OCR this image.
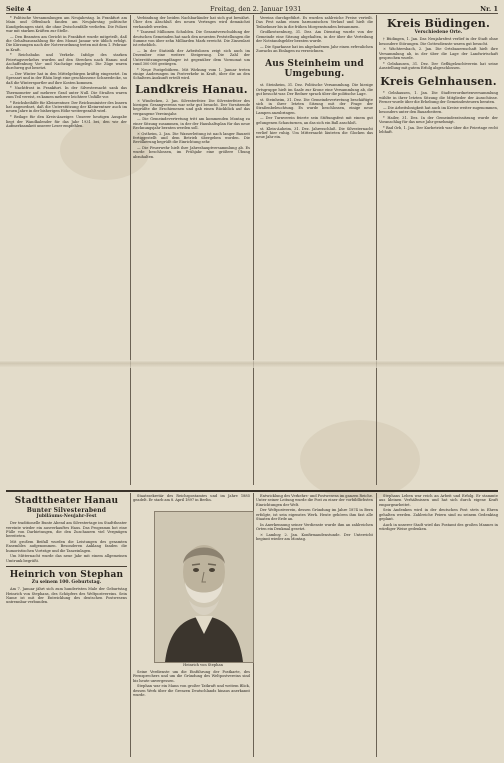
Seite 4	Freitag, den 2. Januar 1931	Nr. 1

* Politische Versammlungen am Neujahrstag. In Frankfurt am Main und Offenbach fanden am Neujahrstag politische Kundgebungen statt, die ohne Zwischenfälle verliefen. Die Polizei war mit starken Kräften zur Stelle.

— Den Beamten am Gericht in Frankfurt wurde mitgeteilt, daß die Gehaltsauszahlung für den Monat Januar wie üblich erfolgt. Die Kürzungen nach der Notverordnung treten mit dem 1. Februar in Kraft.

* Reichsbahn und Verkehr. Infolge des starken Feiertagsverkehrs wurden auf den Strecken nach Hanau und Aschaffenburg Vor- und Nachzüge eingelegt. Die Züge waren durchweg gut besetzt.

— Der Winter hat in den Mittelgebirgen kräftig eingesetzt. Im Spessart und in der Rhön liegt eine geschlossene Schneedecke, so daß die Wintersportler auf ihre Kosten kommen.

* Nachtfrost in Frankfurt. In der Silvesternacht sank das Thermometer auf mehrere Grad unter Null. Die Straßen waren zum Teil vereist, es kamen mehrere leichtere Unfälle vor.

* Reichsbeihilfe für Kleinrentner. Der Reichsminister des Innern hat angeordnet, daß die Unterstützung der Kleinrentner auch im neuen Jahre in der bisherigen Höhe weitergezahlt wird.

* Beilage für den Kreis-Anzeiger. Unserer heutigen Ausgabe liegt der Wandkalender für das Jahr 1931 bei, den wir der Aufmerksamkeit unserer Leser empfehlen.

Verbindung der beiden Nachbarländer hat sich gut bewährt. Über den Abschluß des neuen Vertrages wird demnächst verhandelt werden.

* Tausend Millionen Schulden. Die Gesamtverschuldung der deutschen Gemeinden hat nach den neuesten Feststellungen die Summe von über zehn Milliarden Mark erreicht. Die Zinsenlast ist erheblich.

— In der Statistik der Arbeitslosen zeigt sich auch im Dezember eine weitere Steigerung. Die Zahl der Unterstützungsempfänger ist gegenüber dem Vormonat um rund 300 000 gestiegen.

* Neue Postgebühren. Mit Wirkung vom 1. Januar treten einige Änderungen im Postverkehr in Kraft, über die an den Schaltern Auskunft erteilt wird.

Landkreis Hanau.

× Windecken, 2. Jan. Silvesterfeier. Die Silvesterfeier des hiesigen Gesangvereins war sehr gut besucht. Der Vorsitzende begrüßte die Erschienenen und gab einen Rückblick auf das vergangene Vereinsjahr.

— Die Gemeindevertretung tritt am kommenden Montag zu einer Sitzung zusammen, in der der Haushaltsplan für das neue Rechnungsjahr beraten werden soll.

× Ostheim, 2. Jan. Die Wasserleitung ist nach langer Bauzeit fertiggestellt und dem Betrieb übergeben worden. Die Bevölkerung begrüßt die Einrichtung sehr.

— Die Feuerwehr hielt ihre Jahreshauptversammlung ab. Es wurde beschlossen, im Frühjahr eine größere Übung abzuhalten.

Vereins durchgeführt. Es wurden zahlreiche Preise verteilt. Das Fest nahm einen harmonischen Verlauf und hielt die Teilnehmer bis in die frühen Morgenstunden beisammen.

Großkrotzenburg, 31. Dez. Am Dienstag wurde von der Gemeinde eine Sitzung abgehalten, in der über die Verteilung der Notstandsgelder beraten wurde.

— Die Sparkasse hat im abgelaufenen Jahr einen erfreulichen Zuwachs an Einlagen zu verzeichnen.

Aus Steinheim und Umgebung.

st. Steinheim, 31. Dez. Politische Versammlung. Die hiesige Ortsgruppe hielt im Saale zur Krone eine Versammlung ab, die gut besucht war. Der Redner sprach über die politische Lage.

st. Steinheim, 31. Dez. Die Gemeindevertretung beschäftigte sich in ihrer letzten Sitzung mit der Frage der Straßenbeleuchtung. Es wurde beschlossen, einige neue Lampen anzubringen.

— Der Turnverein feierte sein Stiftungsfest mit einem gut gelungenen Schauturnen, an das sich ein Ball anschloß.

st. Klein-Auheim, 31. Dez. Jahresschluß. Die Silvesternacht verlief hier ruhig. Um Mitternacht läuteten die Glocken das neue Jahr ein.

Kreis Büdingen.
Verschiedene Orte.

† Büdingen, 1. Jan. Das Neujahrsfest verlief in der Stadt ohne besondere Störungen. Die Gottesdienste waren gut besucht.

× Wächtersbach, 2. Jan. Die Ortsbauernschaft hielt ihre Versammlung ab, in der über die Lage der Landwirtschaft gesprochen wurde.

* Gelnhausen, 31. Dez. Der Geflügelzuchtverein hat seine Ausstellung mit gutem Erfolg abgeschlossen.

Kreis Gelnhausen.

* Gelnhausen, 1. Jan. Die Stadtverordnetenversammlung wählte in ihrer letzten Sitzung die Mitglieder der Ausschüsse. Ferner wurde über die Erhebung der Gemeindesteuern beraten.

— Die Arbeitslosigkeit hat auch im Kreise weiter zugenommen, besonders unter den Bauarbeitern.

* Hailer, 31. Dez. In der Gemeinderatssitzung wurde der Voranschlag für das neue Jahr genehmigt.

* Bad Orb, 1. Jan. Der Kurbetrieb war über die Feiertage recht lebhaft.

Stadttheater Hanau
Bunter Silvesterabend
Jubiläums-Neujahr-Fest

Der traditionelle Bunte Abend am Silvestertage im Stadttheater vereinte wieder ein ausverkauftes Haus. Das Programm bot eine Fülle von Darbietungen, die den Zuschauern viel Vergnügen bereiteten.

Mit großem Beifall wurden die Leistungen des gesamten Ensembles aufgenommen. Besonderen Anklang fanden die humoristischen Vorträge und die Tanzeinlagen.

Um Mitternacht wurde das neue Jahr mit einem allgemeinen Umtrunk begrüßt.

Heinrich von Stephan
Zu seinem 100. Geburtstag.

Am 7. Januar jährt sich zum hundertsten Male der Geburtstag Heinrich von Stephans, des Schöpfers des Weltpostvereins. Sein Name ist mit der Entwicklung des deutschen Postwesens untrennbar verbunden.

Staatssekretär des Reichspostamtes und im Jahre 1885 geadelt. Er starb am 8. April 1897 in Berlin.

Heinrich von Stephan

Seine Verdienste um die Einführung der Postkarte, des Fernsprechers und um die Gründung des Weltpostvereins sind bis heute unvergessen.

Stephan war ein Mann von großer Tatkraft und weitem Blick, dessen Werk über die Grenzen Deutschlands hinaus anerkannt wurde.

Entwicklung des Verkehrs- und Postwesens im ganzen Reiche. Unter seiner Leitung wurde die Post zu einer der vorbildlichsten Einrichtungen der Welt.

Der Weltpostverein, dessen Gründung im Jahre 1874 in Bern erfolgte, ist sein eigenstes Werk. Heute gehören ihm fast alle Staaten der Erde an.

In Anerkennung seiner Verdienste wurde ihm an zahlreichen Orten ein Denkmal gesetzt.

× Lamboy, 2. Jan. Konfirmandenstunde. Der Unterricht beginnt wieder am Montag.

Stephans Leben war reich an Arbeit und Erfolg. Er stammte aus kleinen Verhältnissen und hat sich durch eigene Kraft emporgearbeitet.

Sein Andenken wird in der deutschen Post stets in Ehren gehalten werden. Zahlreiche Feiern sind zu seinem Gedenktag geplant.

Auch in unserer Stadt wird das Postamt des großen Mannes in würdiger Weise gedenken.
